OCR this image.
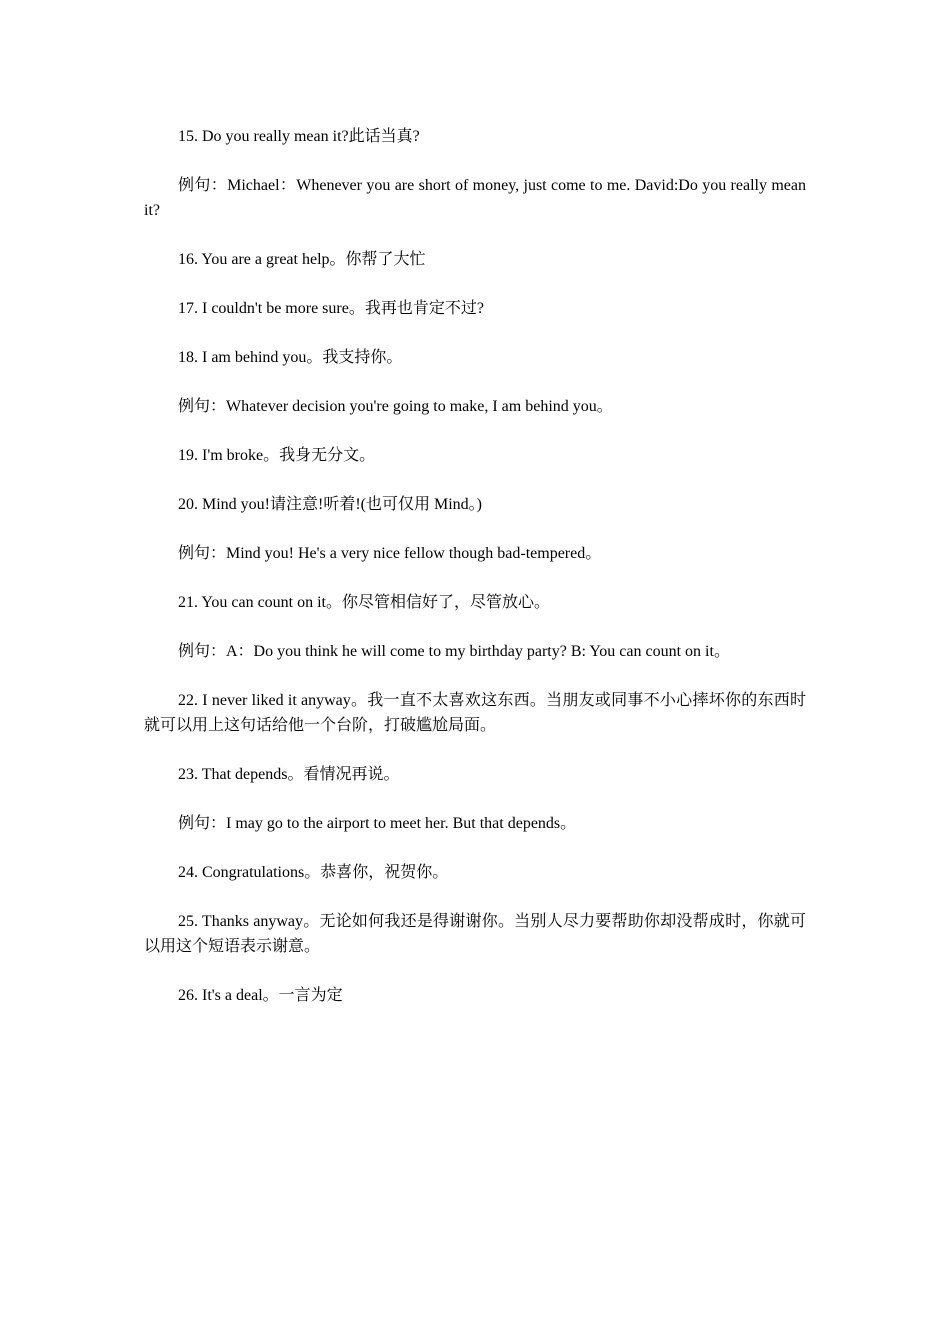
15. Do you really mean it?此话当真?

例句：Michael：Whenever you are short of money, just come to me. David:Do you really mean it?

16. You are a great help。你帮了大忙

17. I couldn't be more sure。我再也肯定不过?

18. I am behind you。我支持你。

例句：Whatever decision you're going to make, I am behind you。

19. I'm broke。我身无分文。

20. Mind you!请注意!听着!(也可仅用 Mind。)

例句：Mind you! He's a very nice fellow though bad-tempered。

21. You can count on it。你尽管相信好了，尽管放心。

例句：A：Do you think he will come to my birthday party? B: You can count on it。

22. I never liked it anyway。我一直不太喜欢这东西。当朋友或同事不小心摔坏你的东西时就可以用上这句话给他一个台阶，打破尴尬局面。

23. That depends。看情况再说。

例句：I may go to the airport to meet her. But that depends。

24. Congratulations。恭喜你，祝贺你。

25. Thanks anyway。无论如何我还是得谢谢你。当别人尽力要帮助你却没帮成时，你就可以用这个短语表示谢意。

26. It's a deal。一言为定
